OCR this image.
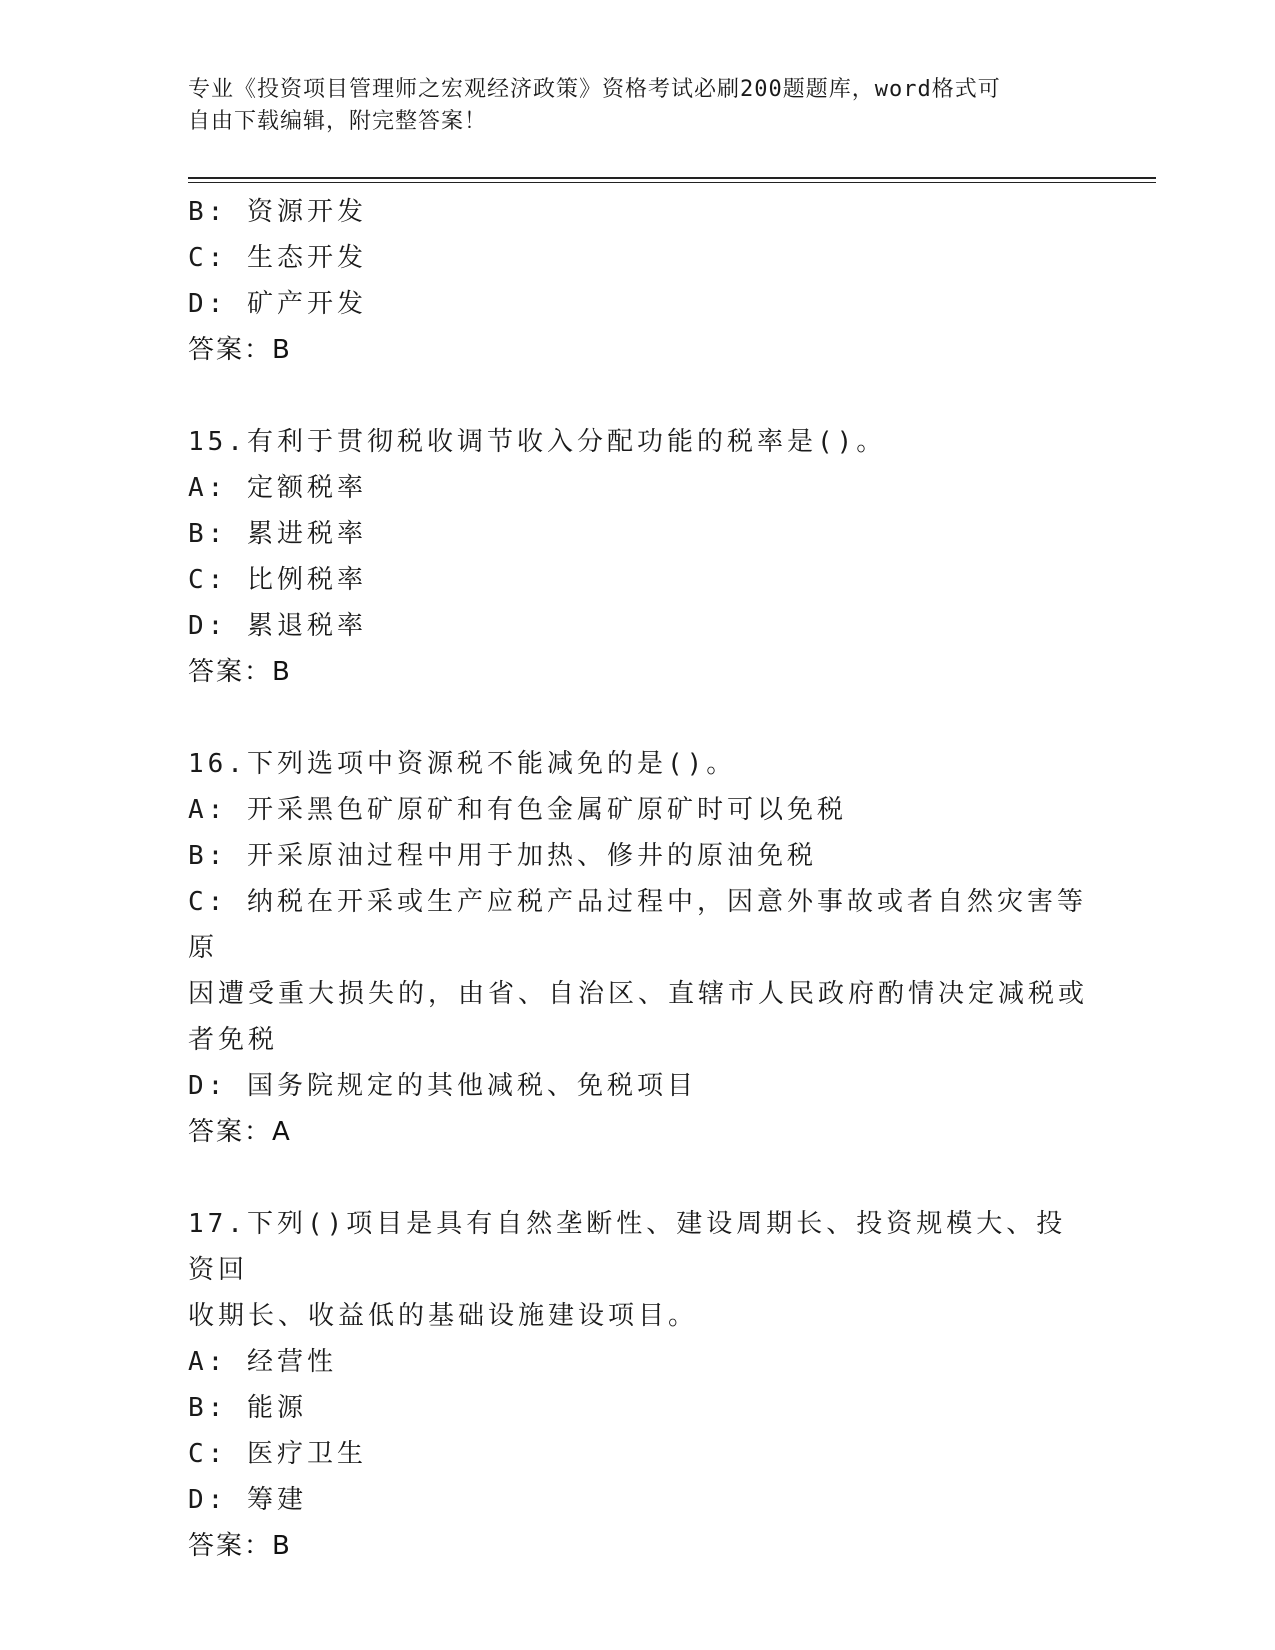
专业《投资项目管理师之宏观经济政策》资格考试必刷200题题库，word格式可
自由下载编辑，附完整答案！
B: 资源开发
C: 生态开发
D: 矿产开发
答案：B
15.有利于贯彻税收调节收入分配功能的税率是()。
A: 定额税率
B: 累进税率
C: 比例税率
D: 累退税率
答案：B
16.下列选项中资源税不能减免的是()。
A: 开采黑色矿原矿和有色金属矿原矿时可以免税
B: 开采原油过程中用于加热、修井的原油免税
C: 纳税在开采或生产应税产品过程中，因意外事故或者自然灾害等原
因遭受重大损失的，由省、自治区、直辖市人民政府酌情决定减税或
者免税
D: 国务院规定的其他减税、免税项目
答案：A
17.下列()项目是具有自然垄断性、建设周期长、投资规模大、投资回
收期长、收益低的基础设施建设项目。
A: 经营性
B: 能源
C: 医疗卫生
D: 筹建
答案：B
